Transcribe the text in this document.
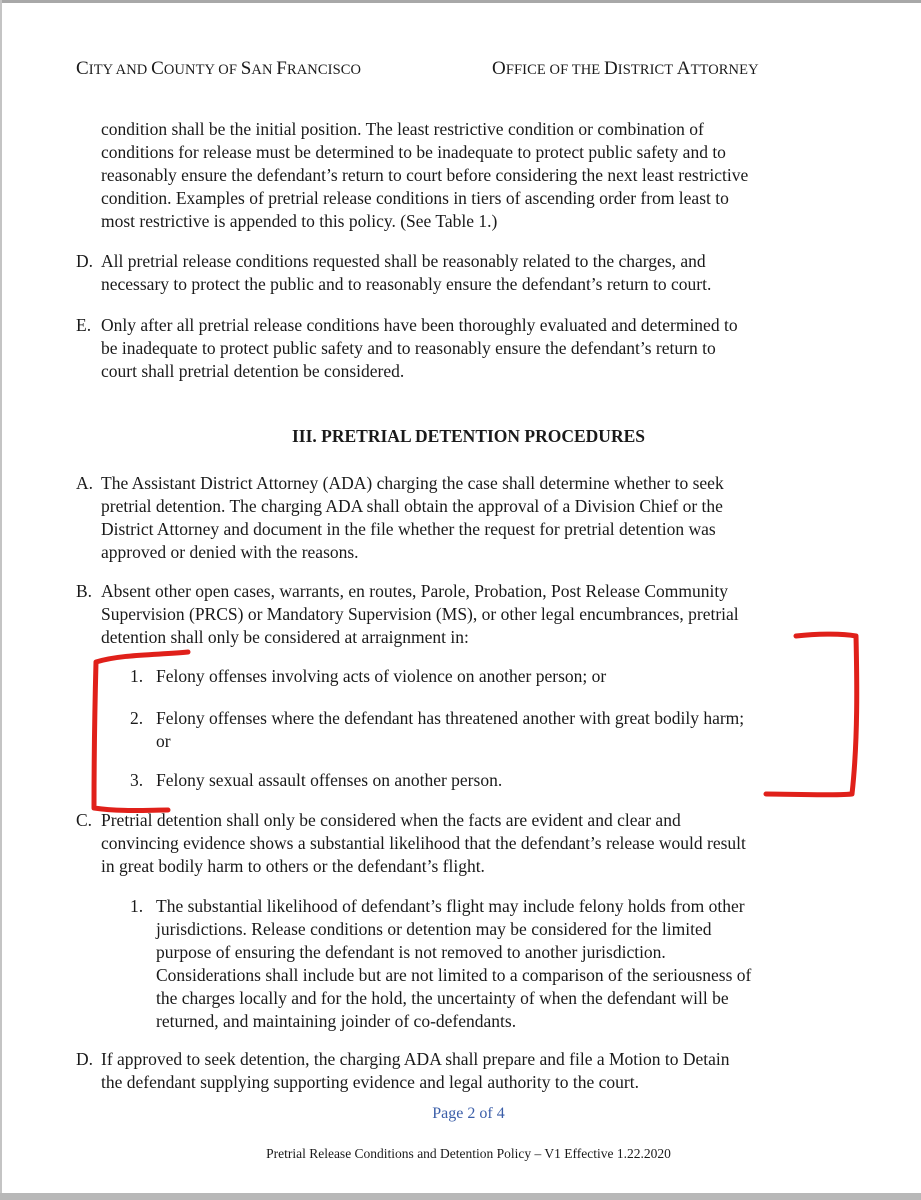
CITY AND COUNTY OF SAN FRANCISCO	OFFICE OF THE DISTRICT ATTORNEY
condition shall be the initial position. The least restrictive condition or combination of
conditions for release must be determined to be inadequate to protect public safety and to
reasonably ensure the defendant’s return to court before considering the next least restrictive
condition. Examples of pretrial release conditions in tiers of ascending order from least to
most restrictive is appended to this policy. (See Table 1.)
D. All pretrial release conditions requested shall be reasonably related to the charges, and
necessary to protect the public and to reasonably ensure the defendant’s return to court.
E. Only after all pretrial release conditions have been thoroughly evaluated and determined to
be inadequate to protect public safety and to reasonably ensure the defendant’s return to
court shall pretrial detention be considered.
III. PRETRIAL DETENTION PROCEDURES
A. The Assistant District Attorney (ADA) charging the case shall determine whether to seek
pretrial detention. The charging ADA shall obtain the approval of a Division Chief or the
District Attorney and document in the file whether the request for pretrial detention was
approved or denied with the reasons.
B. Absent other open cases, warrants, en routes, Parole, Probation, Post Release Community
Supervision (PRCS) or Mandatory Supervision (MS), or other legal encumbrances, pretrial
detention shall only be considered at arraignment in:
1. Felony offenses involving acts of violence on another person; or
2. Felony offenses where the defendant has threatened another with great bodily harm;
or
3. Felony sexual assault offenses on another person.
C. Pretrial detention shall only be considered when the facts are evident and clear and
convincing evidence shows a substantial likelihood that the defendant’s release would result
in great bodily harm to others or the defendant’s flight.
1. The substantial likelihood of defendant’s flight may include felony holds from other
jurisdictions. Release conditions or detention may be considered for the limited
purpose of ensuring the defendant is not removed to another jurisdiction.
Considerations shall include but are not limited to a comparison of the seriousness of
the charges locally and for the hold, the uncertainty of when the defendant will be
returned, and maintaining joinder of co-defendants.
D. If approved to seek detention, the charging ADA shall prepare and file a Motion to Detain
the defendant supplying supporting evidence and legal authority to the court.
Page 2 of 4
Pretrial Release Conditions and Detention Policy – V1 Effective 1.22.2020
